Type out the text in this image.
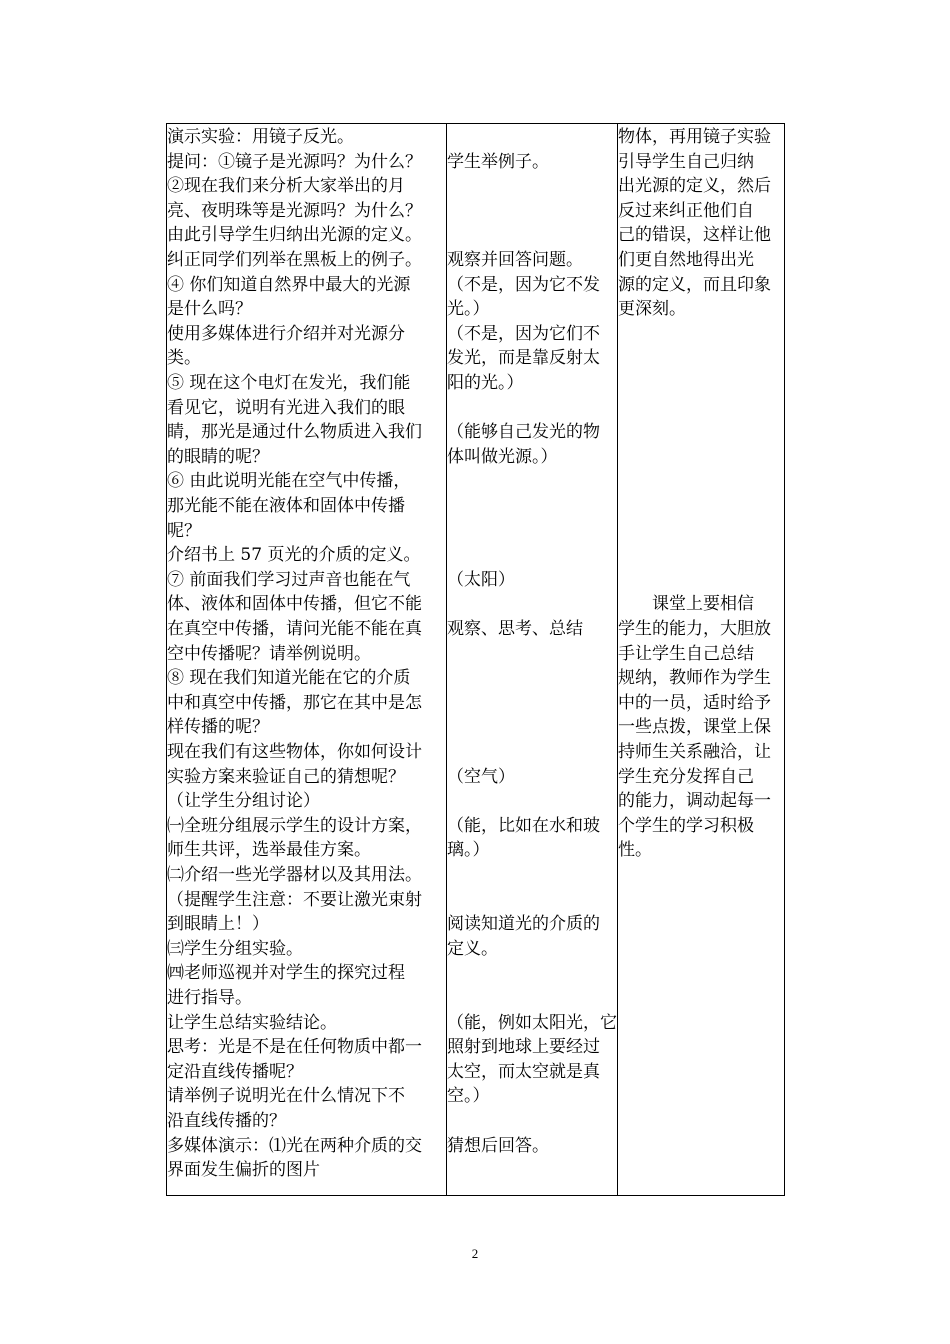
演示实验：用镜子反光。
提问：①镜子是光源吗？为什么？
②现在我们来分析大家举出的月
亮、夜明珠等是光源吗？为什么？
由此引导学生归纳出光源的定义。
纠正同学们列举在黑板上的例子。
④ 你们知道自然界中最大的光源
是什么吗？
使用多媒体进行介绍并对光源分
类。
⑤ 现在这个电灯在发光，我们能
看见它，说明有光进入我们的眼
睛，那光是通过什么物质进入我们
的眼睛的呢？
⑥ 由此说明光能在空气中传播，
那光能不能在液体和固体中传播
呢？
介绍书上 57 页光的介质的定义。
⑦ 前面我们学习过声音也能在气
体、液体和固体中传播，但它不能
在真空中传播，请问光能不能在真
空中传播呢？请举例说明。
⑧ 现在我们知道光能在它的介质
中和真空中传播，那它在其中是怎
样传播的呢？
现在我们有这些物体，你如何设计
实验方案来验证自己的猜想呢？
（让学生分组讨论）
㈠全班分组展示学生的设计方案，
师生共评，选举最佳方案。
㈡介绍一些光学器材以及其用法。
（提醒学生注意：不要让激光束射
到眼睛上！）
㈢学生分组实验。
㈣老师巡视并对学生的探究过程
进行指导。
让学生总结实验结论。
思考：光是不是在任何物质中都一
定沿直线传播呢？
请举例子说明光在什么情况下不
沿直线传播的？
多媒体演示：⑴光在两种介质的交
界面发生偏折的图片
学生举例子。
观察并回答问题。
（不是，因为它不发
光。）
（不是，因为它们不
发光，而是靠反射太
阳的光。）
（能够自己发光的物
体叫做光源。）
（太阳）
观察、思考、总结
（空气）
（能，比如在水和玻
璃。）
阅读知道光的介质的
定义。
（能，例如太阳光，它
照射到地球上要经过
太空，而太空就是真
空。）
猜想后回答。
物体，再用镜子实验
引导学生自己归纳
出光源的定义，然后
反过来纠正他们自
己的错误，这样让他
们更自然地得出光
源的定义，而且印象
更深刻。
　　课堂上要相信
学生的能力，大胆放
手让学生自己总结
规纳，教师作为学生
中的一员，适时给予
一些点拨，课堂上保
持师生关系融洽，让
学生充分发挥自己
的能力，调动起每一
个学生的学习积极
性。
2
